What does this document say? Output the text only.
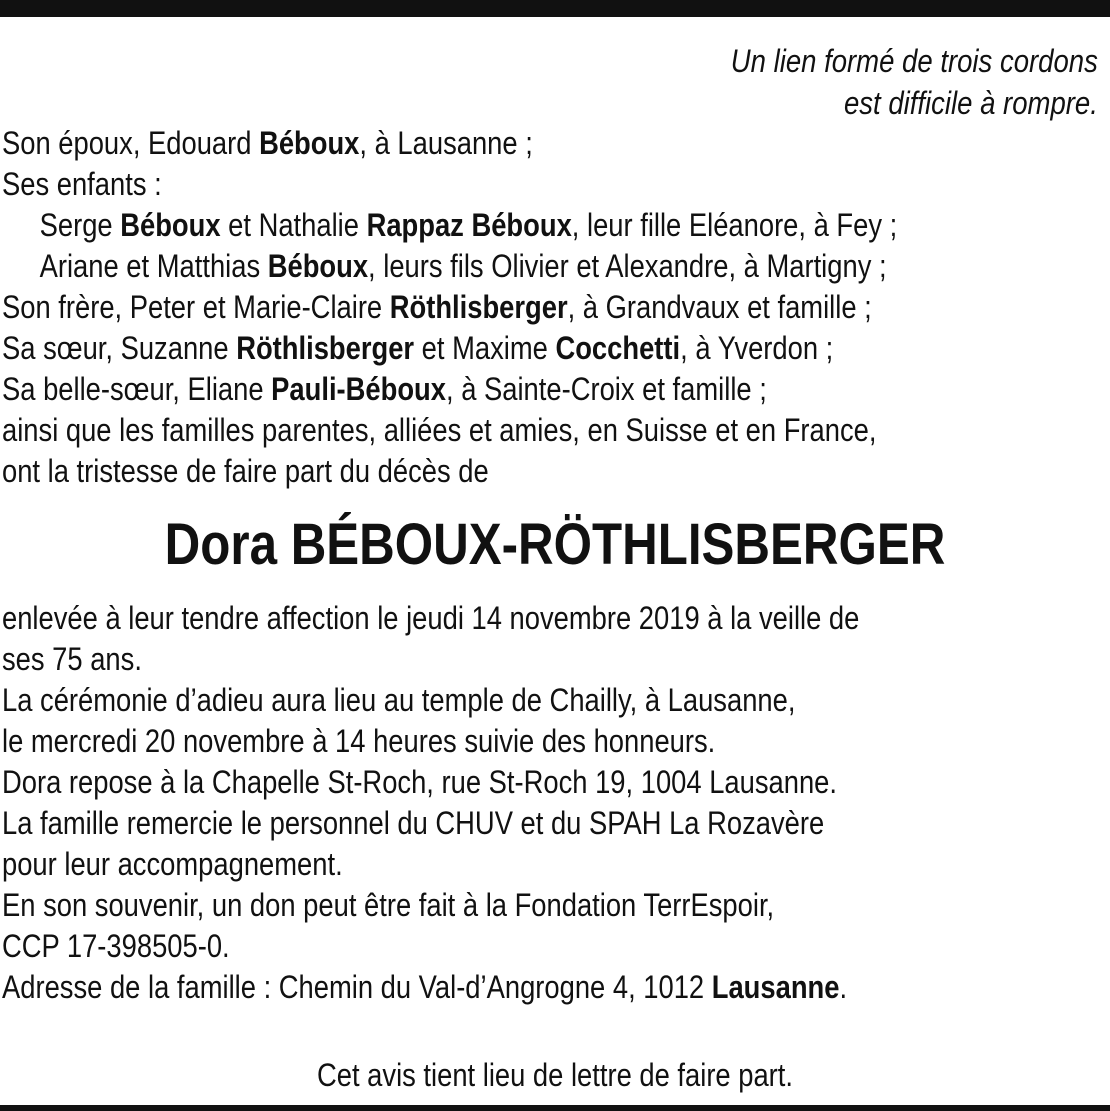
Un lien formé de trois cordons
est difficile à rompre.
Son époux, Edouard Béboux, à Lausanne ;
Ses enfants :
Serge Béboux et Nathalie Rappaz Béboux, leur fille Eléanore, à Fey ;
Ariane et Matthias Béboux, leurs fils Olivier et Alexandre, à Martigny ;
Son frère, Peter et Marie-Claire Röthlisberger, à Grandvaux et famille ;
Sa sœur, Suzanne Röthlisberger et Maxime Cocchetti, à Yverdon ;
Sa belle-sœur, Eliane Pauli-Béboux, à Sainte-Croix et famille ;
ainsi que les familles parentes, alliées et amies, en Suisse et en France,
ont la tristesse de faire part du décès de
Dora BÉBOUX-RÖTHLISBERGER
enlevée à leur tendre affection le jeudi 14 novembre 2019 à la veille de
ses 75 ans.
La cérémonie d’adieu aura lieu au temple de Chailly, à Lausanne,
le mercredi 20 novembre à 14 heures suivie des honneurs.
Dora repose à la Chapelle St-Roch, rue St-Roch 19, 1004 Lausanne.
La famille remercie le personnel du CHUV et du SPAH La Rozavère
pour leur accompagnement.
En son souvenir, un don peut être fait à la Fondation TerrEspoir,
CCP 17-398505-0.
Adresse de la famille : Chemin du Val-d’Angrogne 4, 1012 Lausanne.
Cet avis tient lieu de lettre de faire part.
